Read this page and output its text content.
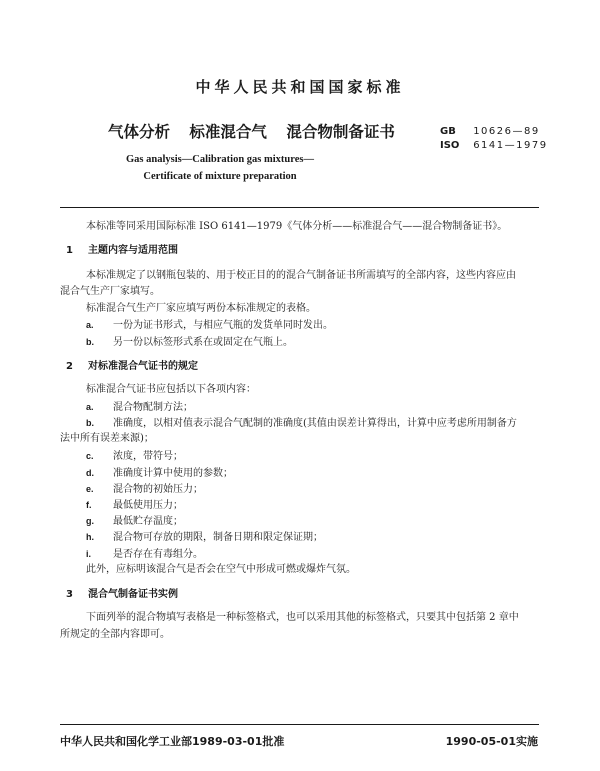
中华人民共和国国家标准
气体分析 标准混合气 混合物制备证书	GB 10626—89
ISO 6141—1979
Gas analysis—Calibration gas mixtures—
Certificate of mixture preparation
本标准等同采用国际标准 ISO 6141—1979《气体分析——标准混合气——混合物制备证书》。
1 主题内容与适用范围
本标准规定了以钢瓶包装的、用于校正目的的混合气制备证书所需填写的全部内容，这些内容应由
混合气生产厂家填写。
标准混合气生产厂家应填写两份本标准规定的表格。
a. 一份为证书形式，与相应气瓶的发货单同时发出。
b. 另一份以标签形式系在或固定在气瓶上。
2 对标准混合气证书的规定
标准混合气证书应包括以下各项内容：
a. 混合物配制方法；
b. 准确度，以相对值表示混合气配制的准确度(其值由误差计算得出，计算中应考虑所用制备方
法中所有误差来源)；
c. 浓度，带符号；
d. 准确度计算中使用的参数；
e. 混合物的初始压力；
f. 最低使用压力；
g. 最低贮存温度；
h. 混合物可存放的期限，制备日期和限定保证期；
i. 是否存在有毒组分。
此外，应标明该混合气是否会在空气中形成可燃或爆炸气氛。
3 混合气制备证书实例
下面列举的混合物填写表格是一种标签格式，也可以采用其他的标签格式，只要其中包括第 2 章中
所规定的全部内容即可。
中华人民共和国化学工业部1989-03-01批准	1990-05-01实施
